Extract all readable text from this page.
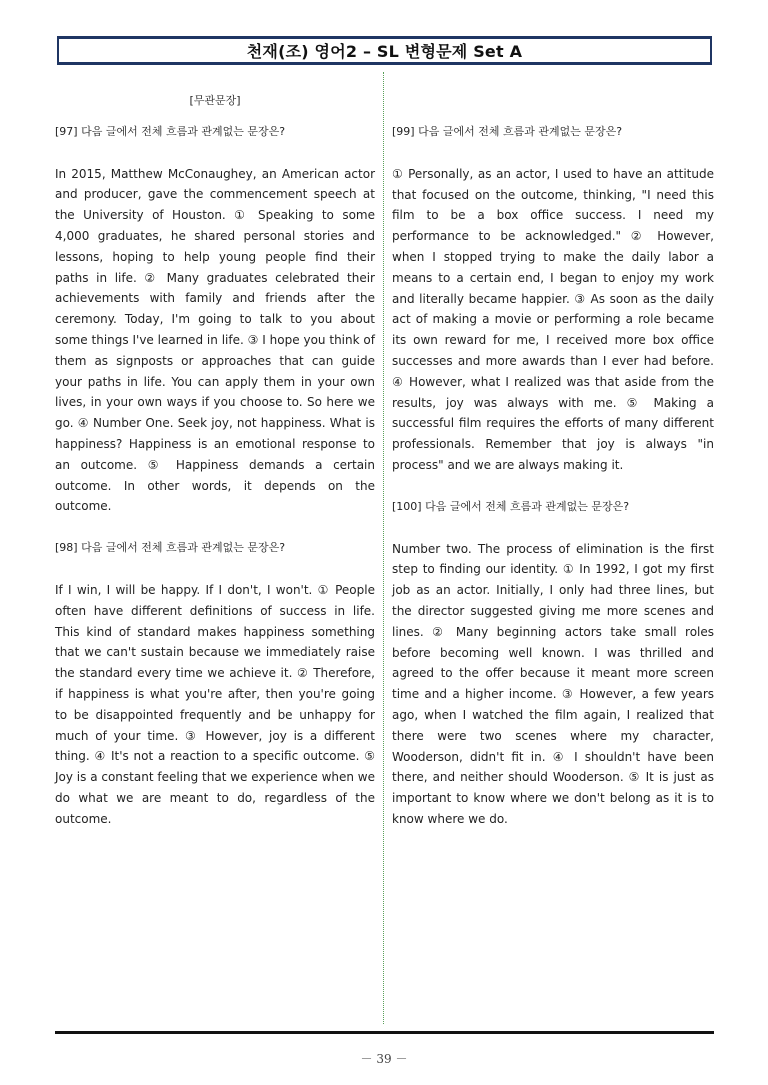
천재(조) 영어2 – SL 변형문제 Set A
[무관문장]
[97] 다음 글에서 전체 흐름과 관계없는 문장은?

In 2015, Matthew McConaughey, an American actor and producer, gave the commencement speech at the University of Houston. ① Speaking to some 4,000 graduates, he shared personal stories and lessons, hoping to help young people find their paths in life. ② Many graduates celebrated their achievements with family and friends after the ceremony. Today, I'm going to talk to you about some things I've learned in life. ③ I hope you think of them as signposts or approaches that can guide your paths in life. You can apply them in your own lives, in your own ways if you choose to. So here we go. ④ Number One. Seek joy, not happiness. What is happiness? Happiness is an emotional response to an outcome. ⑤ Happiness demands a certain outcome. In other words, it depends on the outcome.

[98] 다음 글에서 전체 흐름과 관계없는 문장은?

If I win, I will be happy. If I don't, I won't. ① People often have different definitions of success in life. This kind of standard makes happiness something that we can't sustain because we immediately raise the standard every time we achieve it. ② Therefore, if happiness is what you're after, then you're going to be disappointed frequently and be unhappy for much of your time. ③ However, joy is a different thing. ④ It's not a reaction to a specific outcome. ⑤ Joy is a constant feeling that we experience when we do what we are meant to do, regardless of the outcome.

[99] 다음 글에서 전체 흐름과 관계없는 문장은?

① Personally, as an actor, I used to have an attitude that focused on the outcome, thinking, "I need this film to be a box office success. I need my performance to be acknowledged." ② However, when I stopped trying to make the daily labor a means to a certain end, I began to enjoy my work and literally became happier. ③ As soon as the daily act of making a movie or performing a role became its own reward for me, I received more box office successes and more awards than I ever had before. ④ However, what I realized was that aside from the results, joy was always with me. ⑤ Making a successful film requires the efforts of many different professionals. Remember that joy is always "in process" and we are always making it.

[100] 다음 글에서 전체 흐름과 관계없는 문장은?

Number two. The process of elimination is the first step to finding our identity. ① In 1992, I got my first job as an actor. Initially, I only had three lines, but the director suggested giving me more scenes and lines. ② Many beginning actors take small roles before becoming well known. I was thrilled and agreed to the offer because it meant more screen time and a higher income. ③ However, a few years ago, when I watched the film again, I realized that there were two scenes where my character, Wooderson, didn't fit in. ④ I shouldn't have been there, and neither should Wooderson. ⑤ It is just as important to know where we don't belong as it is to know where we do.

－ 39 －
